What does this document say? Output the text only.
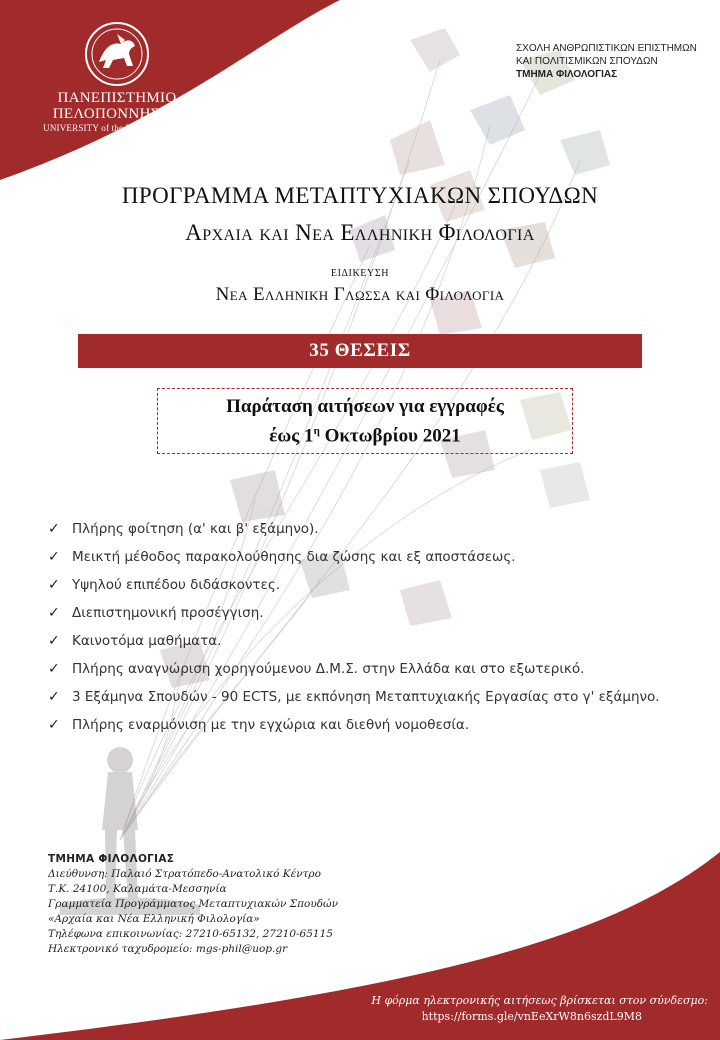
ΠΑΝΕΠΙΣΤΗΜΙΟ
ΠΕΛΟΠΟΝΝΗΣΟΥ
UNIVERSITY of the PELOPONNESE
ΣΧΟΛΗ ΑΝΘΡΩΠΙΣΤΙΚΩΝ ΕΠΙΣΤΗΜΩΝ
ΚΑΙ ΠΟΛΙΤΙΣΜΙΚΩΝ ΣΠΟΥΔΩΝ
ΤΜΗΜΑ ΦΙΛΟΛΟΓΙΑΣ
ΠΡΟΓΡΑΜΜΑ ΜΕΤΑΠΤΥΧΙΑΚΩΝ ΣΠΟΥΔΩΝ
Αρχαια και Νεα Ελληνικη Φιλολογια
ΕΙΔΙΚΕΥΣΗ
Νεα Ελληνικη Γλωσσα και Φιλολογια
35 ΘΕΣΕΙΣ
Παράταση αιτήσεων για εγγραφές
έως $1^\eta$ Οκτωβρίου 2021
✓ Πλήρης φοίτηση (α' και β' εξάμηνο).
✓ Μεικτή μέθοδος παρακολούθησης δια ζώσης και εξ αποστάσεως.
✓ Υψηλού επιπέδου διδάσκοντες.
✓ Διεπιστημονική προσέγγιση.
✓ Καινοτόμα μαθήματα.
✓ Πλήρης αναγνώριση χορηγούμενου Δ.Μ.Σ. στην Ελλάδα και στο εξωτερικό.
✓ 3 Εξάμηνα Σπουδών - 90 ECTS, με εκπόνηση Μεταπτυχιακής Εργασίας στο γ' εξάμηνο.
✓ Πλήρης εναρμόνιση με την εγχώρια και διεθνή νομοθεσία.
ΤΜΗΜΑ ΦΙΛΟΛΟΓΙΑΣ
Διεύθυνση: Παλαιό Στρατόπεδο-Ανατολικό Κέντρο
Τ.Κ. 24100, Καλαμάτα-Μεσσηνία
Γραμματεία Προγράμματος Μεταπτυχιακών Σπουδών
«Αρχαία και Νέα Ελληνική Φιλολογία»
Τηλέφωνα επικοινωνίας: 27210-65132, 27210-65115
Ηλεκτρονικό ταχυδρομείο: mgs-phil@uop.gr
Η φόρμα ηλεκτρονικής αιτήσεως βρίσκεται στον σύνδεσμο:
https://forms.gle/vnEeXrW8n6szdL9M8
